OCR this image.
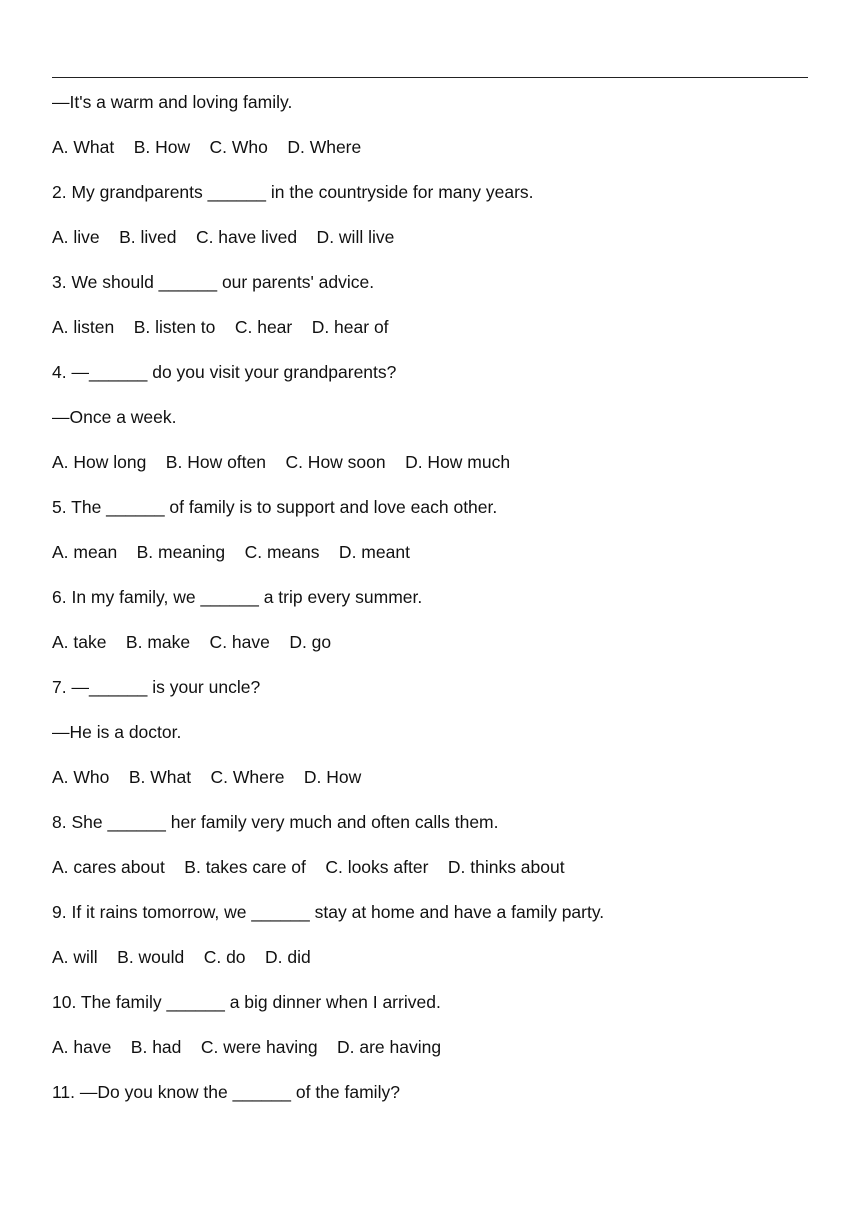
—It's a warm and loving family.
A. What    B. How    C. Who    D. Where
2. My grandparents ______ in the countryside for many years.
A. live    B. lived    C. have lived    D. will live
3. We should ______ our parents' advice.
A. listen    B. listen to    C. hear    D. hear of
4. —______ do you visit your grandparents?
—Once a week.
A. How long    B. How often    C. How soon    D. How much
5. The ______ of family is to support and love each other.
A. mean    B. meaning    C. means    D. meant
6. In my family, we ______ a trip every summer.
A. take    B. make    C. have    D. go
7. —______ is your uncle?
—He is a doctor.
A. Who    B. What    C. Where    D. How
8. She ______ her family very much and often calls them.
A. cares about    B. takes care of    C. looks after    D. thinks about
9. If it rains tomorrow, we ______ stay at home and have a family party.
A. will    B. would    C. do    D. did
10. The family ______ a big dinner when I arrived.
A. have    B. had    C. were having    D. are having
11. —Do you know the ______ of the family?
